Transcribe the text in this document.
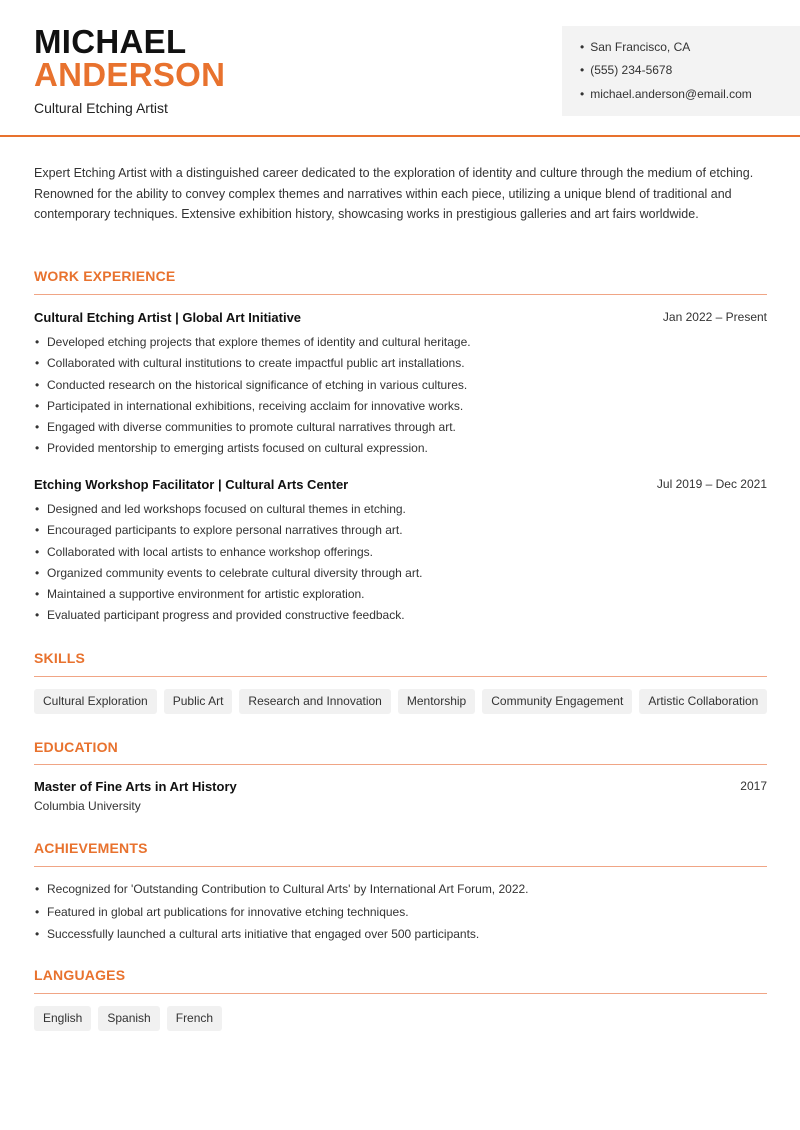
MICHAEL
ANDERSON
Cultural Etching Artist
• San Francisco, CA
• (555) 234-5678
• michael.anderson@email.com

Expert Etching Artist with a distinguished career dedicated to the exploration of identity and culture through the medium of etching. Renowned for the ability to convey complex themes and narratives within each piece, utilizing a unique blend of traditional and contemporary techniques. Extensive exhibition history, showcasing works in prestigious galleries and art fairs worldwide.

WORK EXPERIENCE
Cultural Etching Artist | Global Art Initiative	Jan 2022 – Present
• Developed etching projects that explore themes of identity and cultural heritage.
• Collaborated with cultural institutions to create impactful public art installations.
• Conducted research on the historical significance of etching in various cultures.
• Participated in international exhibitions, receiving acclaim for innovative works.
• Engaged with diverse communities to promote cultural narratives through art.
• Provided mentorship to emerging artists focused on cultural expression.
Etching Workshop Facilitator | Cultural Arts Center	Jul 2019 – Dec 2021
• Designed and led workshops focused on cultural themes in etching.
• Encouraged participants to explore personal narratives through art.
• Collaborated with local artists to enhance workshop offerings.
• Organized community events to celebrate cultural diversity through art.
• Maintained a supportive environment for artistic exploration.
• Evaluated participant progress and provided constructive feedback.
SKILLS
Cultural Exploration	Public Art	Research and Innovation	Mentorship	Community Engagement	Artistic Collaboration
EDUCATION
Master of Fine Arts in Art History	2017
Columbia University
ACHIEVEMENTS
• Recognized for 'Outstanding Contribution to Cultural Arts' by International Art Forum, 2022.
• Featured in global art publications for innovative etching techniques.
• Successfully launched a cultural arts initiative that engaged over 500 participants.
LANGUAGES
English	Spanish	French
